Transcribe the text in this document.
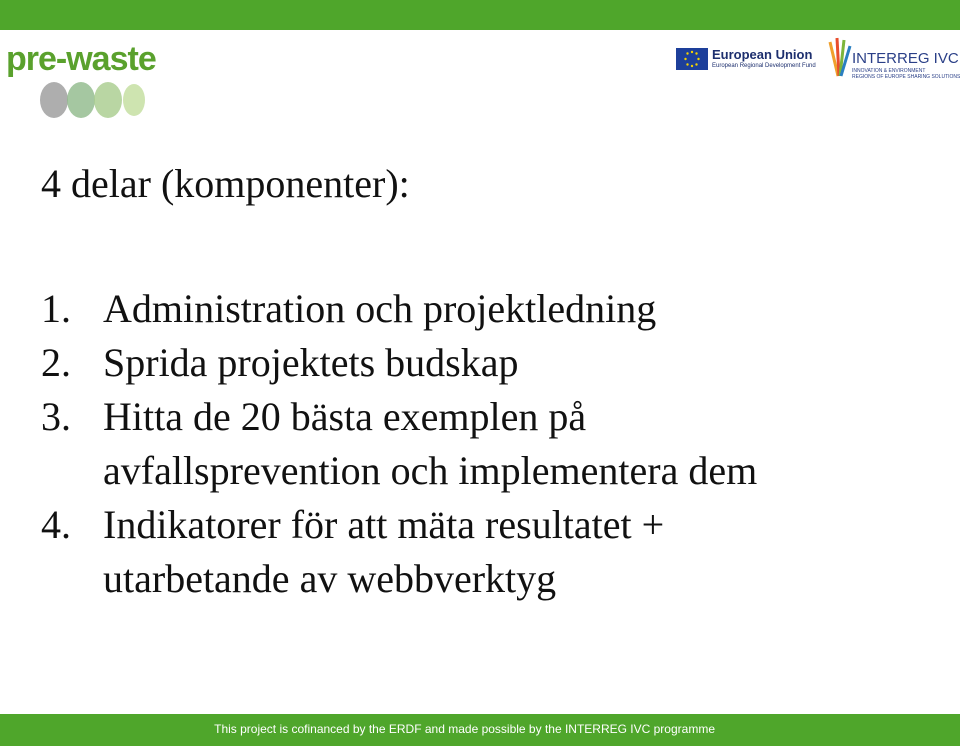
pre-waste	European Union
European Regional Development Fund INTERREG IVC
INNOVATION & ENVIRONMENT
REGIONS OF EUROPE SHARING SOLUTIONS
4 delar (komponenter):
1. Administration och projektledning
2. Sprida projektets budskap
3. Hitta de 20 bästa exemplen på
avfallsprevention och implementera dem
4. Indikatorer för att mäta resultatet +
utarbetande av webbverktyg
This project is cofinanced by the ERDF and made possible by the INTERREG IVC programme
